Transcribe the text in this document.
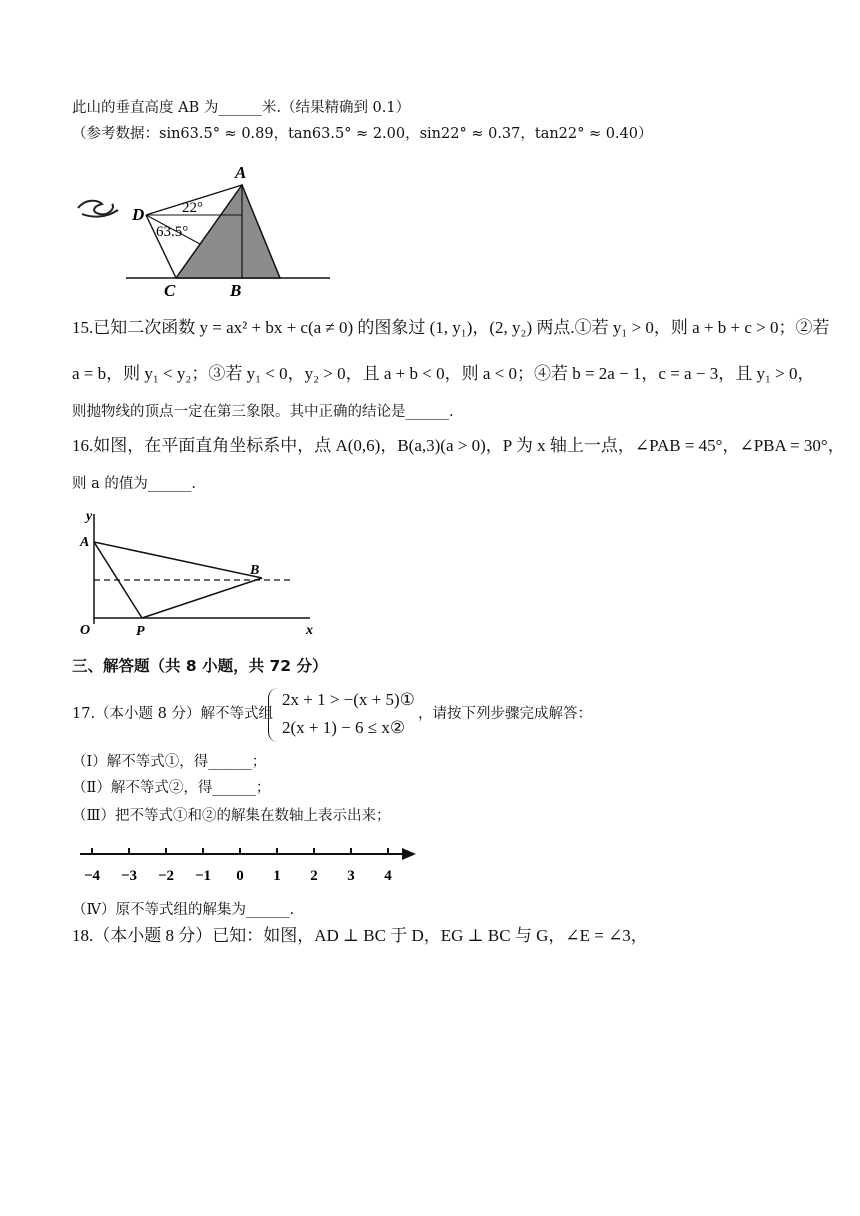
此山的垂直高度 AB 为______米.（结果精确到 0.1）
（参考数据：sin63.5° ≈ 0.89，tan63.5° ≈ 2.00，sin22° ≈ 0.37，tan22° ≈ 0.40）
A
D
C	B
22°
63.5°
15.已知二次函数 y = ax² + bx + c(a ≠ 0) 的图象过 (1, y₁)，(2, y₂) 两点.①若 y₁ > 0，则 a + b + c > 0；②若
a = b，则 y₁ < y₂；③若 y₁ < 0，y₂ > 0，且 a + b < 0，则 a < 0；④若 b = 2a − 1，c = a − 3，且 y₁ > 0，
则抛物线的顶点一定在第三象限。其中正确的结论是______.
16.如图，在平面直角坐标系中，点 A(0,6)，B(a,3)(a > 0)，P 为 x 轴上一点，∠PAB = 45°，∠PBA = 30°，
则 a 的值为______.
y
A
B
O	P	x
三、解答题（共 8 小题，共 72 分）
17.（本小题 8 分）解不等式组
2x + 1 > −(x + 5)①
2(x + 1) − 6 ≤ x②
，请按下列步骤完成解答：
（Ⅰ）解不等式①，得______；
（Ⅱ）解不等式②，得______；
（Ⅲ）把不等式①和②的解集在数轴上表示出来；
−4 −3 −2 −1 0 1 2 3 4
（Ⅳ）原不等式组的解集为______.
18.（本小题 8 分）已知：如图，AD ⊥ BC 于 D，EG ⊥ BC 与 G，∠E = ∠3，
